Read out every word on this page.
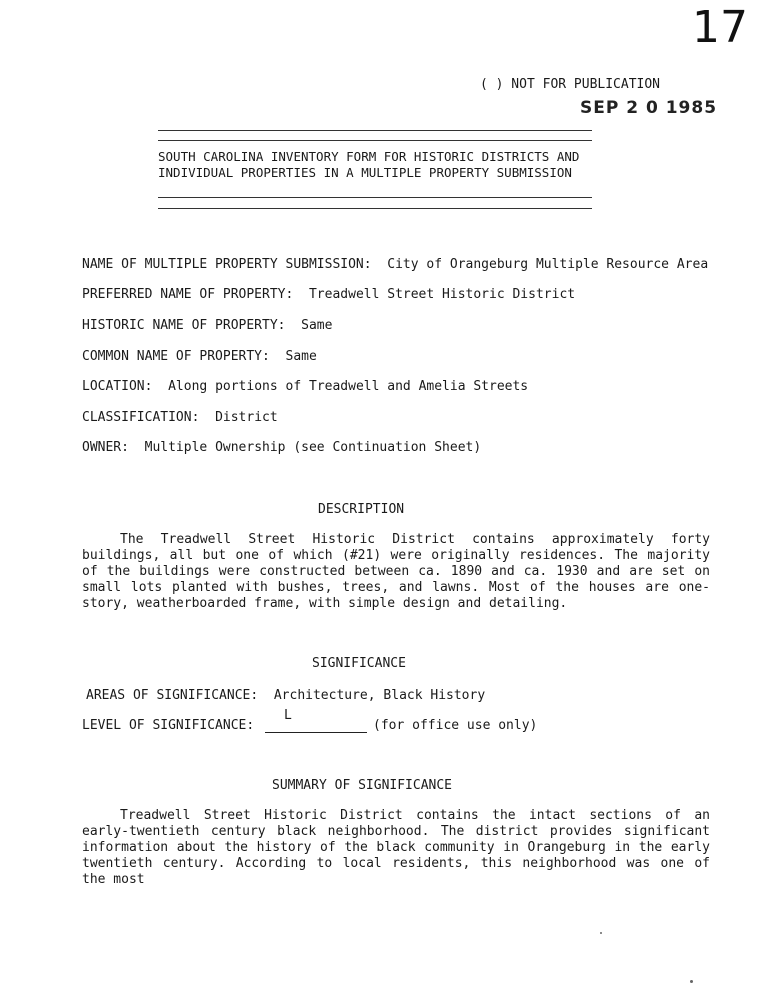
17
( ) NOT FOR PUBLICATION
SEP 2 0 1985
SOUTH CAROLINA INVENTORY FORM FOR HISTORIC DISTRICTS AND
INDIVIDUAL PROPERTIES IN A MULTIPLE PROPERTY SUBMISSION
NAME OF MULTIPLE PROPERTY SUBMISSION: City of Orangeburg Multiple Resource Area
PREFERRED NAME OF PROPERTY: Treadwell Street Historic District
HISTORIC NAME OF PROPERTY: Same
COMMON NAME OF PROPERTY: Same
LOCATION: Along portions of Treadwell and Amelia Streets
CLASSIFICATION: District
OWNER: Multiple Ownership (see Continuation Sheet)
DESCRIPTION
The Treadwell Street Historic District contains approximately forty buildings, all but one of which (#21) were originally residences. The majority of the buildings were constructed between ca. 1890 and ca. 1930 and are set on small lots planted with bushes, trees, and lawns. Most of the houses are one-story, weatherboarded frame, with simple design and detailing.
SIGNIFICANCE
AREAS OF SIGNIFICANCE: Architecture, Black History
LEVEL OF SIGNIFICANCE:
L
(for office use only)
SUMMARY OF SIGNIFICANCE
Treadwell Street Historic District contains the intact sections of an early-twentieth century black neighborhood. The district provides significant information about the history of the black community in Orangeburg in the early twentieth century. According to local residents, this neighborhood was one of the most
